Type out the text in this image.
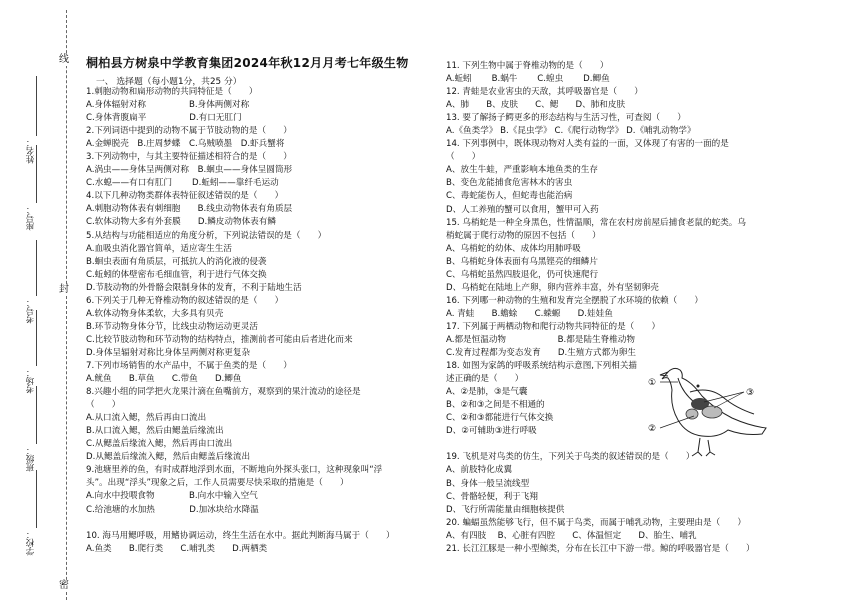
线
封
密
学校：
班级：
考场：
考号：
座号：
姓名：
桐柏县方树泉中学教育集团2024年秋12月月考七年级生物
一、 选择题（每小题1分，共25 分）
1.刺胞动物和扁形动物的共同特征是（　　）
A.身体辐射对称　　　　　B.身体两侧对称
C.身体背腹扁平　　　　　D.有口无肛门
2.下列词语中提到的动物不属于节肢动物的是（　　）
A.金蝉脱壳　B.庄周梦蝶　C.乌贼喷墨　D.虾兵蟹将
3.下列动物中，与其主要特征描述相符合的是（　　）
A.涡虫——身体呈两侧对称　B.蛔虫——身体呈圆筒形
C.水螅——有口有肛门　　 D.蚯蚓——靠纤毛运动
4.以下几种动物类群体表特征叙述错误的是（　　）
A.刺胞动物体表有刺细胞　　B.线虫动物体表有角质层
C.软体动物大多有外套膜　　D.鳞皮动物体表有鳞
5.从结构与功能相适应的角度分析，下列说法错误的是（　　）
A.血吸虫消化器官简单，适应寄生生活
B.蛔虫表面有角质层，可抵抗人的消化液的侵袭
C.蚯蚓的体壁密布毛细血管，利于进行气体交换
D.节肢动物的外骨骼会限制身体的发育，不利于陆地生活
6.下列关于几种无脊椎动物的叙述错误的是（　　）
A.软体动物身体柔软，大多具有贝壳
B.环节动物身体分节，比线虫动物运动更灵活
C.比较节肢动物和环节动物的结构特点，推测前者可能由后者进化而来
D.身体呈辐射对称比身体呈两侧对称更复杂
7.下列市场销售的水产品中，不属于鱼类的是（　　）
A.鱿鱼　　B.草鱼　　C.带鱼　　D.鲫鱼
8.兴趣小组的同学把火龙果汁滴在鱼嘴前方，观察到的果汁流动的途径是
（　　）
A.从口流入鳃，然后再由口流出
B.从口流入鳃，然后由鳃盖后缘流出
C.从鳃盖后缘流入鳃，然后再由口流出
D.从鳃盖后缘流入鳃，然后由鳃盖后缘流出
9.池塘里养的鱼，有时成群地浮到水面，不断地向外探头张口，这种现象叫“浮
头”。出现“浮头”现象之后，工作人员需要尽快采取的措施是（　　）
A.向水中投喂食物　　　　B.向水中输入空气
C.给池塘的水加热　　　　D.加冰块给水降温
10. 海马用鳃呼吸，用鳍协调运动，终生生活在水中。据此判断海马属于（　　）
A.鱼类　　B.爬行类　　C.哺乳类　　D.两栖类
11. 下列生物中属于脊椎动物的是（　　）
A.蚯蚓　　 B.蜗牛　　 C.蝗虫　　 D.鲫鱼
12. 青蛙是农业害虫的天敌，其呼吸器官是（　　）
A、肺　　B、皮肤　　C、鳃　　D、肺和皮肤
13. 要了解扬子鳄更多的形态结构与生活习性，可查阅（　　）
A.《鱼类学》 B.《昆虫学》 C.《爬行动物学》 D.《哺乳动物学》
14. 下列事例中，既体现动物对人类有益的一面，又体现了有害的一面的是
（　　）
A、放生牛蛙，严重影响本地鱼类的生存
B、变色龙能捕食危害林木的害虫
C、毒蛇能伤人，但蛇毒也能治病
D、人工养殖的蟹可以食用，蟹甲可入药
15. 乌梢蛇是一种全身黑色，性情温顺，常在农村房前屋后捕食老鼠的蛇类。乌
梢蛇属于爬行动物的原因不包括（　　）
A、乌梢蛇的幼体、成体均用肺呼吸
B、乌梢蛇身体表面有乌黑铿亮的细鳞片
C、乌梢蛇虽然四肢退化，仍可快速爬行
D、乌梢蛇在陆地上产卵，卵内营养丰富，外有坚韧卵壳
16. 下列哪一种动物的生殖和发育完全摆脱了水环境的依赖（　　）
A. 青蛙　　B.蟾蜍　　C.蝾螈　　D.娃娃鱼
17. 下列属于两栖动物和爬行动物共同特征的是（　　）
A.都是恒温动物　　　　　　B.都是陆生脊椎动物
C.发育过程都为变态发育　　D.生殖方式都为卵生
18. 如图为家鸽的呼吸系统结构示意图,下列相关描
述正确的是（　　）
A、②是肺，③是气囊
B、②和③之间是不相通的
C、②和③都能进行气体交换
D、②可辅助③进行呼吸
19. 飞机是对鸟类的仿生，下列关于鸟类的叙述错误的是（　　）
A、前肢特化成翼
B、身体一般呈流线型
C、骨骼轻便，利于飞翔
D、飞行所需能量由细胞核提供
20. 蝙蝠虽然能够飞行，但不属于鸟类，而属于哺乳动物，主要理由是（　　）
A、有四肢　 B、心脏有四腔　　C、体温恒定　　D、胎生、哺乳
21. 长江江豚是一种小型鲸类，分布在长江中下游一带。鲸的呼吸器官是（　　）
①
②
③
